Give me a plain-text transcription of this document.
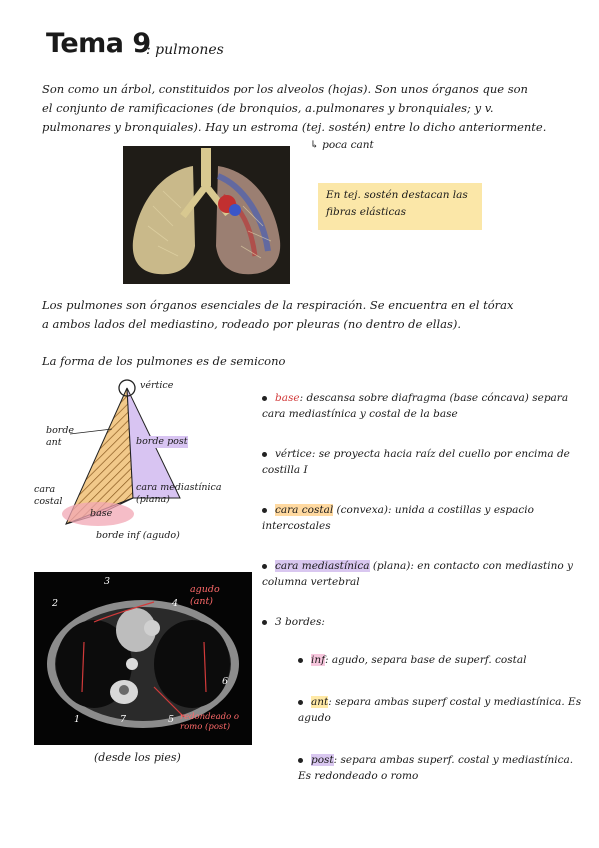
Tema 9
: pulmones
Son como un árbol, constituidos por los alveolos (hojas). Son unos órganos que son
el conjunto de ramificaciones (de bronquios, a.pulmonares y bronquiales; y v.
pulmonares y bronquiales). Hay un estroma (tej. sostén) entre lo dicho anteriormente.
↳ poca cant
En tej. sostén destacan las fibras elásticas
Los pulmones son órganos esenciales de la respiración. Se encuentra en el tórax
a ambos lados del mediastino, rodeado por pleuras (no dentro de ellas).
La forma de los pulmones es de semicono
vértice
borde ant	borde post
cara costal
cara mediastínica (plana)
base
borde inf (agudo)
base: descansa sobre diafragma (base cóncava) separa cara mediastínica y costal de la base
vértice: se proyecta hacia raíz del cuello por encima de costilla I
cara costal (convexa): unida a costillas y espacio intercostales
cara mediastínica (plana): en contacto con mediastino y columna vertebral
3 bordes:
inf: agudo, separa base de superf. costal
ant: separa ambas superf costal y mediastínica. Es agudo
post: separa ambas superf. costal y mediastínica. Es redondeado o romo
3
2	4
1	7	5
6
agudo (ant)
redondeado o romo (post)
(desde los pies)
